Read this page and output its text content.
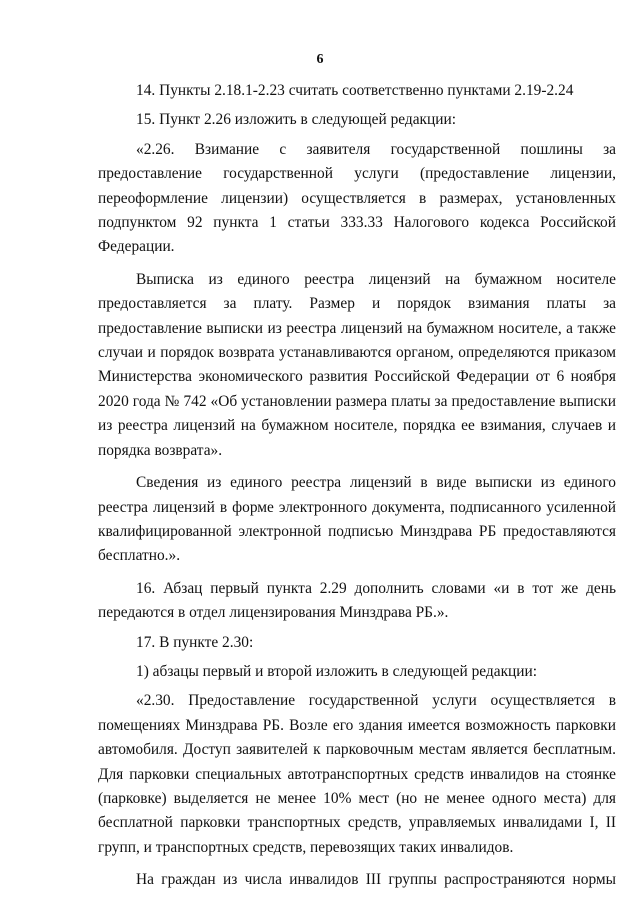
6

14. Пункты 2.18.1-2.23 считать соответственно пунктами 2.19-2.24

15. Пункт 2.26 изложить в следующей редакции:

«2.26. Взимание с заявителя государственной пошлины за предоставление государственной услуги (предоставление лицензии, переоформление лицензии) осуществляется в размерах, установленных подпунктом 92 пункта 1 статьи 333.33 Налогового кодекса Российской Федерации.

Выписка из единого реестра лицензий на бумажном носителе предоставляется за плату. Размер и порядок взимания платы за предоставление выписки из реестра лицензий на бумажном носителе, а также случаи и порядок возврата устанавливаются органом, определяются приказом Министерства экономического развития Российской Федерации от 6 ноября 2020 года № 742 «Об установлении размера платы за предоставление выписки из реестра лицензий на бумажном носителе, порядка ее взимания, случаев и порядка возврата».

Сведения из единого реестра лицензий в виде выписки из единого реестра лицензий в форме электронного документа, подписанного усиленной квалифицированной электронной подписью Минздрава РБ предоставляются бесплатно.».

16. Абзац первый пункта 2.29 дополнить словами «и в тот же день передаются в отдел лицензирования Минздрава РБ.».

17. В пункте 2.30:

1) абзацы первый и второй изложить в следующей редакции:

«2.30. Предоставление государственной услуги осуществляется в помещениях Минздрава РБ. Возле его здания имеется возможность парковки автомобиля. Доступ заявителей к парковочным местам является бесплатным. Для парковки специальных автотранспортных средств инвалидов на стоянке (парковке) выделяется не менее 10% мест (но не менее одного места) для бесплатной парковки транспортных средств, управляемых инвалидами I, II групп, и транспортных средств, перевозящих таких инвалидов.

На граждан из числа инвалидов III группы распространяются нормы
